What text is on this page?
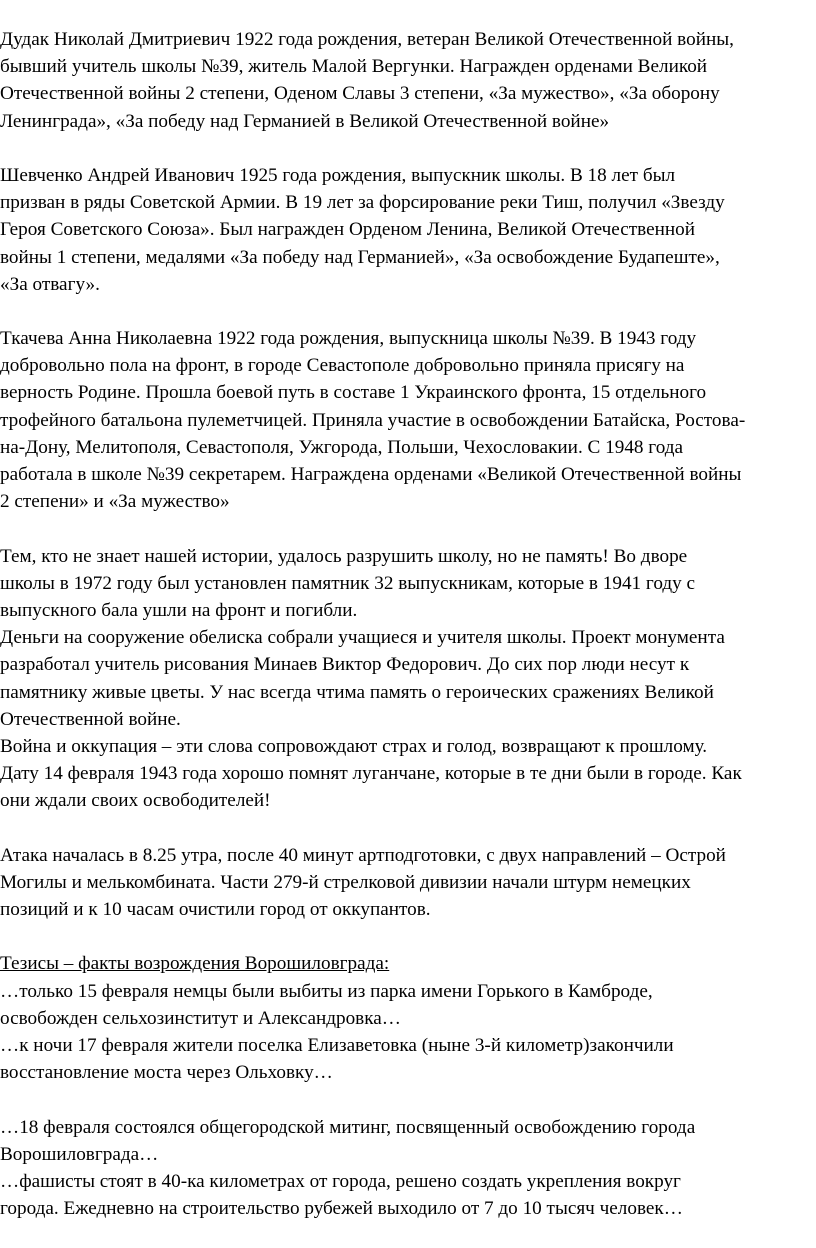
Дудак Николай Дмитриевич 1922 года рождения, ветеран Великой Отечественной войны,
бывший учитель школы №39, житель Малой Вергунки. Награжден орденами Великой
Отечественной войны 2 степени, Оденом Славы 3 степени, «За мужество», «За оборону
Ленинграда», «За победу над Германией в Великой Отечественной войне»
Шевченко Андрей Иванович 1925 года рождения, выпускник школы. В 18 лет был
призван в ряды Советской Армии. В 19 лет за форсирование реки Тиш, получил «Звезду
Героя Советского Союза». Был награжден Орденом Ленина, Великой Отечественной
войны 1 степени, медалями «За победу над Германией», «За освобождение Будапеште»,
«За отвагу».
Ткачева Анна Николаевна 1922 года рождения, выпускница школы №39. В 1943 году
добровольно пола на фронт, в городе Севастополе добровольно приняла присягу на
верность Родине. Прошла боевой путь в составе 1 Украинского фронта, 15 отдельного
трофейного батальона пулеметчицей. Приняла участие в освобождении Батайска, Ростова-
на-Дону, Мелитополя, Севастополя, Ужгорода, Польши, Чехословакии. С 1948 года
работала в школе №39 секретарем. Награждена орденами «Великой Отечественной войны
2 степени» и «За мужество»
Тем, кто не знает нашей истории, удалось разрушить школу, но не память! Во дворе
школы в 1972 году был установлен памятник 32 выпускникам, которые в 1941 году с
выпускного бала ушли на фронт и погибли.
Деньги на сооружение обелиска собрали учащиеся и учителя школы. Проект монумента
разработал учитель рисования Минаев Виктор Федорович. До сих пор люди несут к
памятнику живые цветы. У нас всегда чтима память о героических сражениях Великой
Отечественной войне.
Война и оккупация – эти слова сопровождают страх и голод, возвращают к прошлому.
Дату 14 февраля 1943 года хорошо помнят луганчане, которые в те дни были в городе. Как
они ждали своих освободителей!
Атака началась в 8.25 утра, после 40 минут артподготовки, с двух направлений – Острой
Могилы и мелькомбината. Части 279-й стрелковой дивизии начали штурм немецких
позиций и к 10 часам очистили город от оккупантов.
Тезисы – факты возрождения Ворошиловграда:
…только 15 февраля немцы были выбиты из парка имени Горького в Камброде,
освобожден сельхозинститут и Александровка…
…к ночи 17 февраля жители поселка Елизаветовка (ныне 3-й километр)закончили
восстановление моста через Ольховку…
…18 февраля состоялся общегородской митинг, посвященный освобождению города
Ворошиловграда…
…фашисты стоят в 40-ка километрах от города, решено создать укрепления вокруг
города. Ежедневно на строительство рубежей выходило от 7 до 10 тысяч человек…
